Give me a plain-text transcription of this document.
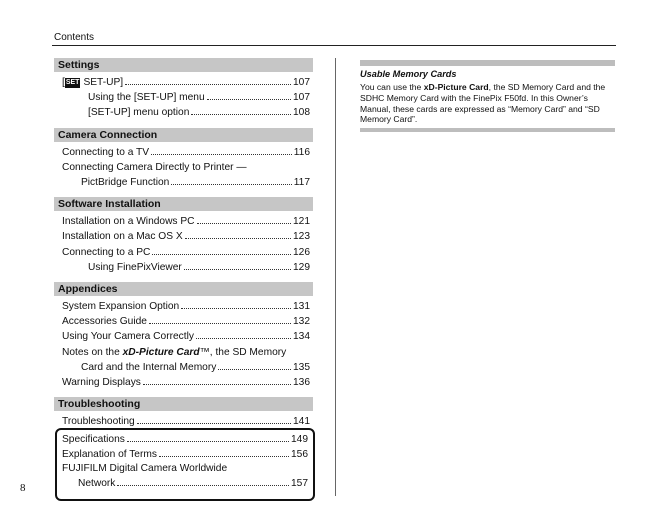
Contents
Settings
[SET SET-UP]	107
Using the [SET-UP] menu	107
[SET-UP] menu option	108
Camera Connection
Connecting to a TV	116
Connecting Camera Directly to Printer —
PictBridge Function	117
Software Installation
Installation on a Windows PC	121
Installation on a Mac OS X	123
Connecting to a PC	126
Using FinePixViewer	129
Appendices
System Expansion Option	131
Accessories Guide	132
Using Your Camera Correctly	134
Notes on the xD-Picture Card™, the SD Memory
Card and the Internal Memory	135
Warning Displays	136
Troubleshooting
Troubleshooting	141
Specifications	149
Explanation of Terms	156
FUJIFILM Digital Camera Worldwide
Network	157
8
Usable Memory Cards
You can use the xD-Picture Card, the SD Memory Card and the SDHC Memory Card with the FinePix F50fd. In this Owner’s Manual, these cards are expressed as “Memory Card” and “SD Memory Card”.
